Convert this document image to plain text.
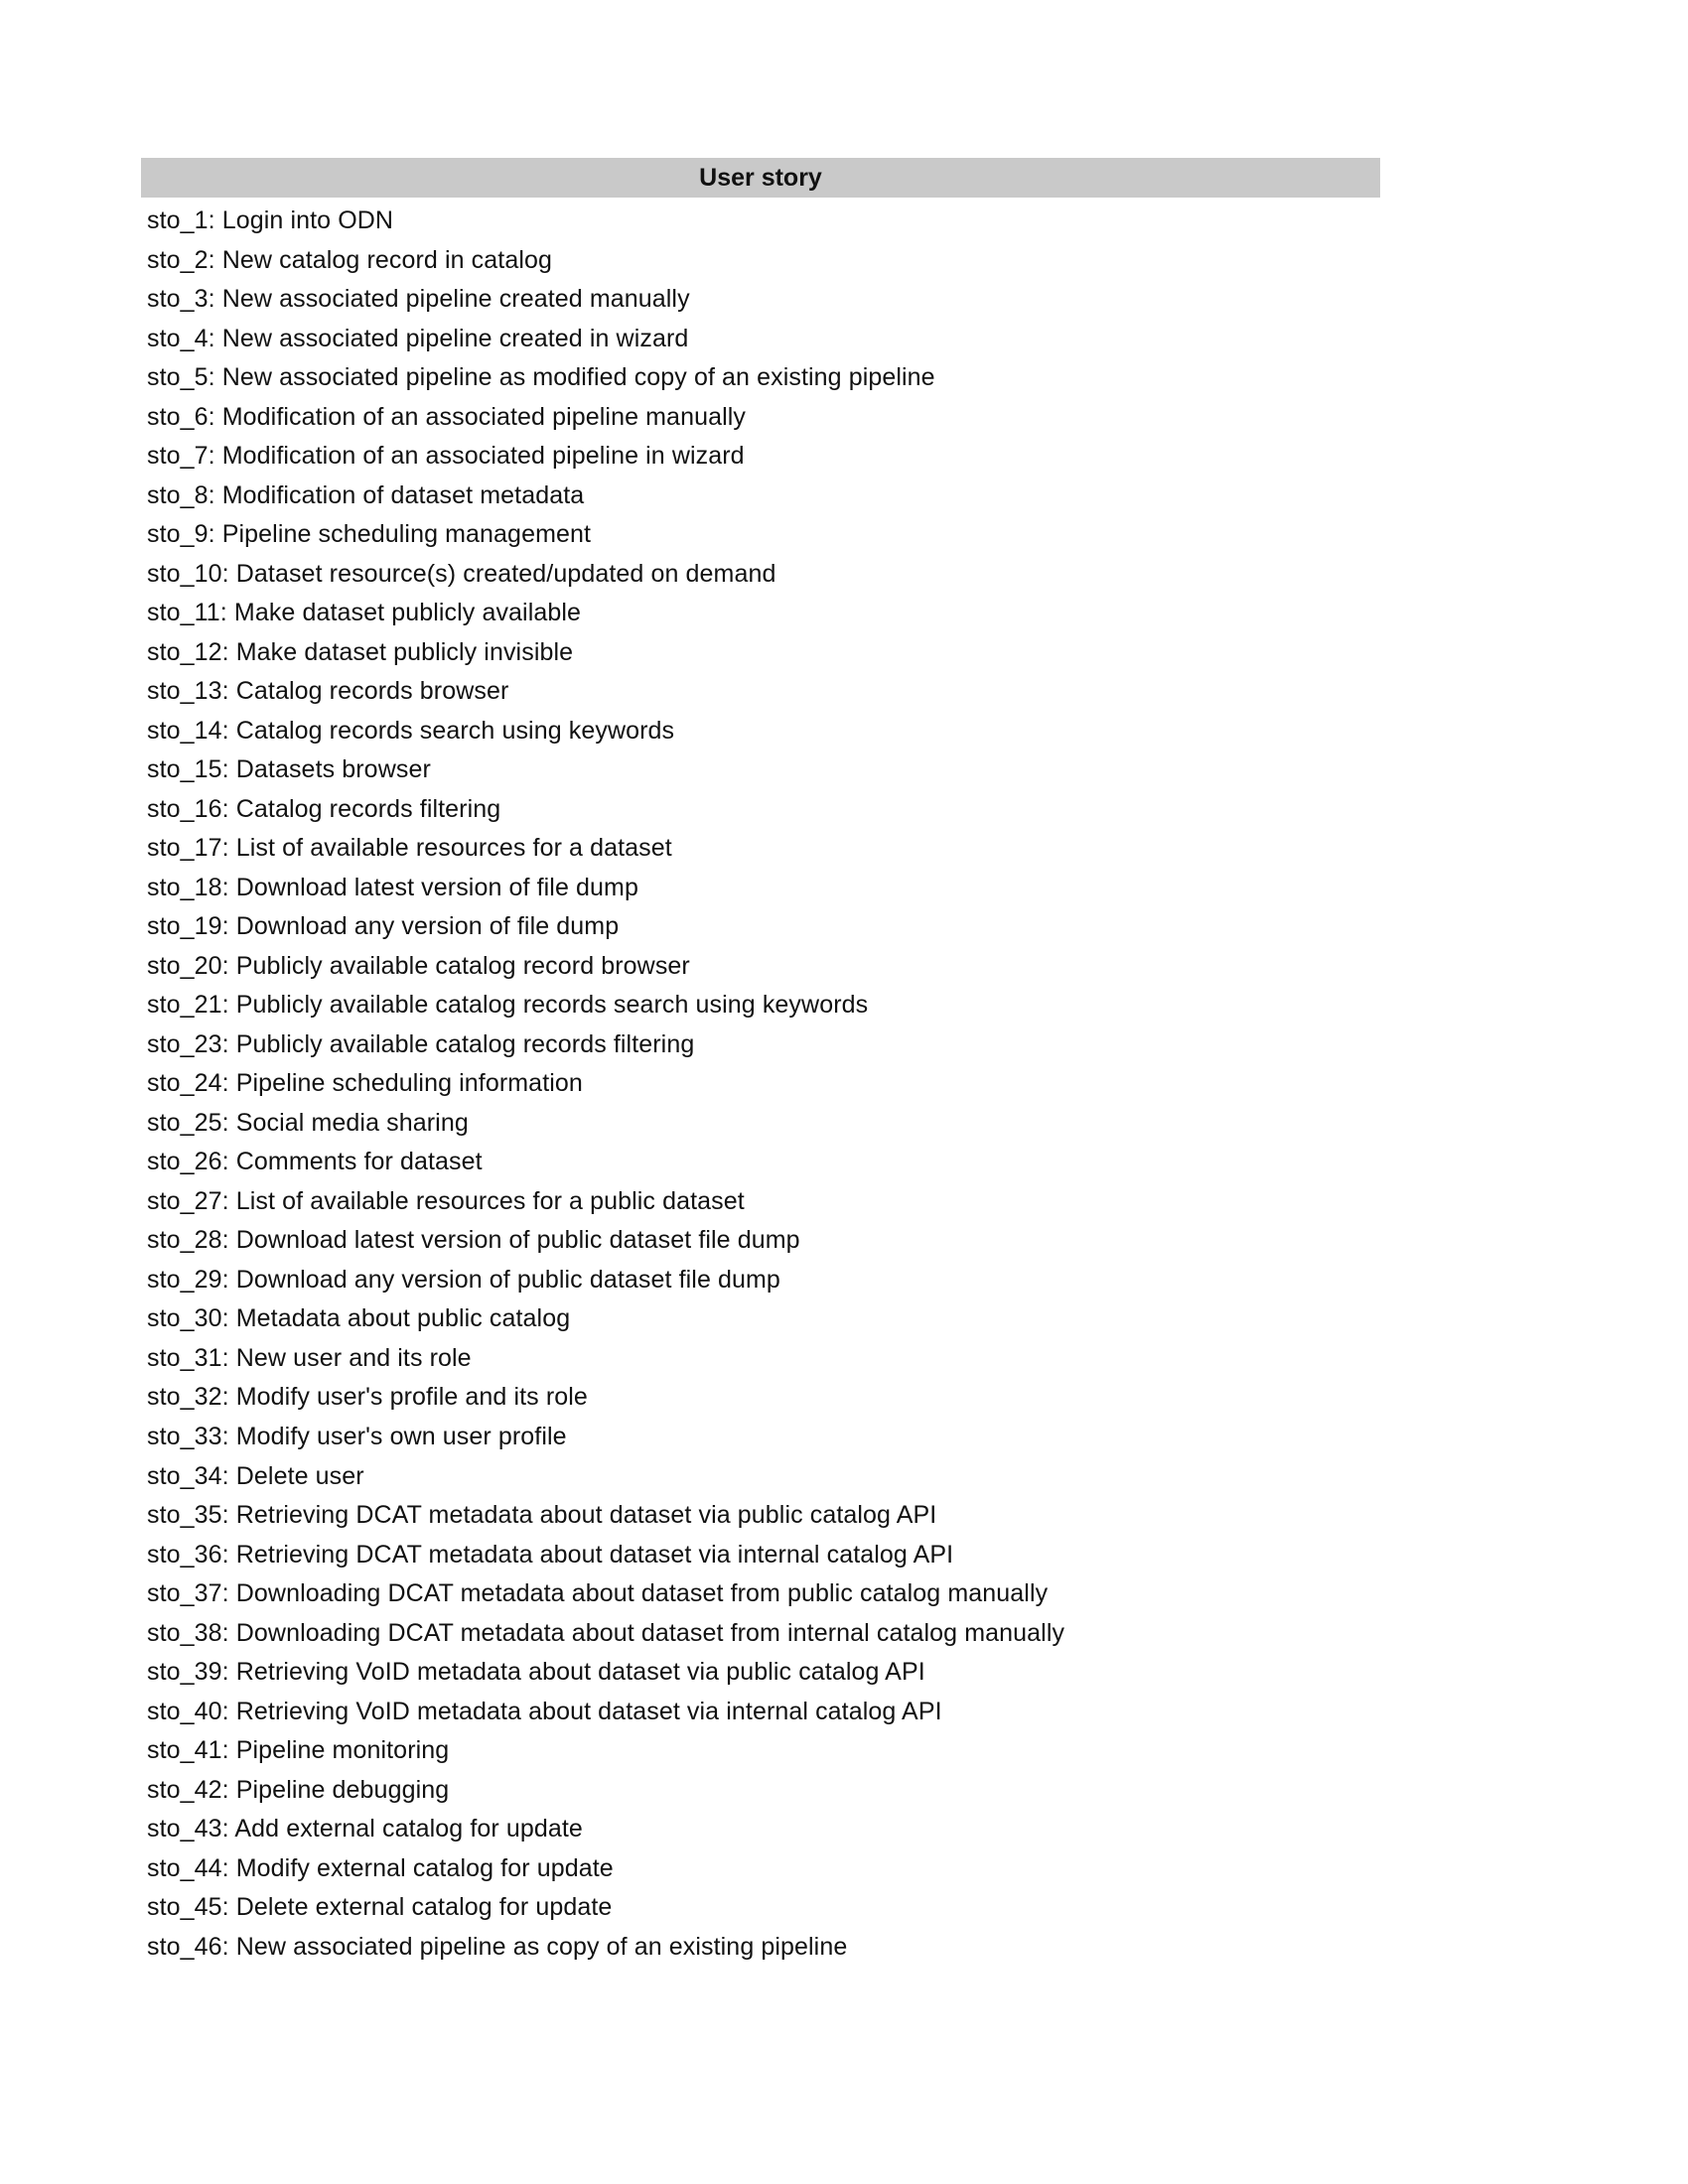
User story
sto_1: Login into ODN
sto_2: New catalog record in catalog
sto_3: New associated pipeline created manually
sto_4: New associated pipeline created in wizard
sto_5: New associated pipeline as modified copy of an existing pipeline
sto_6: Modification of an associated pipeline manually
sto_7: Modification of an associated pipeline in wizard
sto_8: Modification of dataset metadata
sto_9: Pipeline scheduling management
sto_10: Dataset resource(s) created/updated on demand
sto_11: Make dataset publicly available
sto_12: Make dataset publicly invisible
sto_13: Catalog records browser
sto_14: Catalog records search using keywords
sto_15: Datasets browser
sto_16: Catalog records filtering
sto_17: List of available resources for a dataset
sto_18: Download latest version of file dump
sto_19: Download any version of file dump
sto_20: Publicly available catalog record browser
sto_21: Publicly available catalog records search using keywords
sto_23: Publicly available catalog records filtering
sto_24: Pipeline scheduling information
sto_25: Social media sharing
sto_26: Comments for dataset
sto_27: List of available resources for a public dataset
sto_28: Download latest version of public dataset file dump
sto_29: Download any version of public dataset file dump
sto_30: Metadata about public catalog
sto_31: New user and its role
sto_32: Modify user's profile and its role
sto_33: Modify user's own user profile
sto_34: Delete user
sto_35: Retrieving DCAT metadata about dataset via public catalog API
sto_36: Retrieving DCAT metadata about dataset via internal catalog API
sto_37: Downloading DCAT metadata about dataset from public catalog manually
sto_38: Downloading DCAT metadata about dataset from internal catalog manually
sto_39: Retrieving VoID metadata about dataset via public catalog API
sto_40: Retrieving VoID metadata about dataset via internal catalog API
sto_41: Pipeline monitoring
sto_42: Pipeline debugging
sto_43: Add external catalog for update
sto_44: Modify external catalog for update
sto_45: Delete external catalog for update
sto_46: New associated pipeline as copy of an existing pipeline
